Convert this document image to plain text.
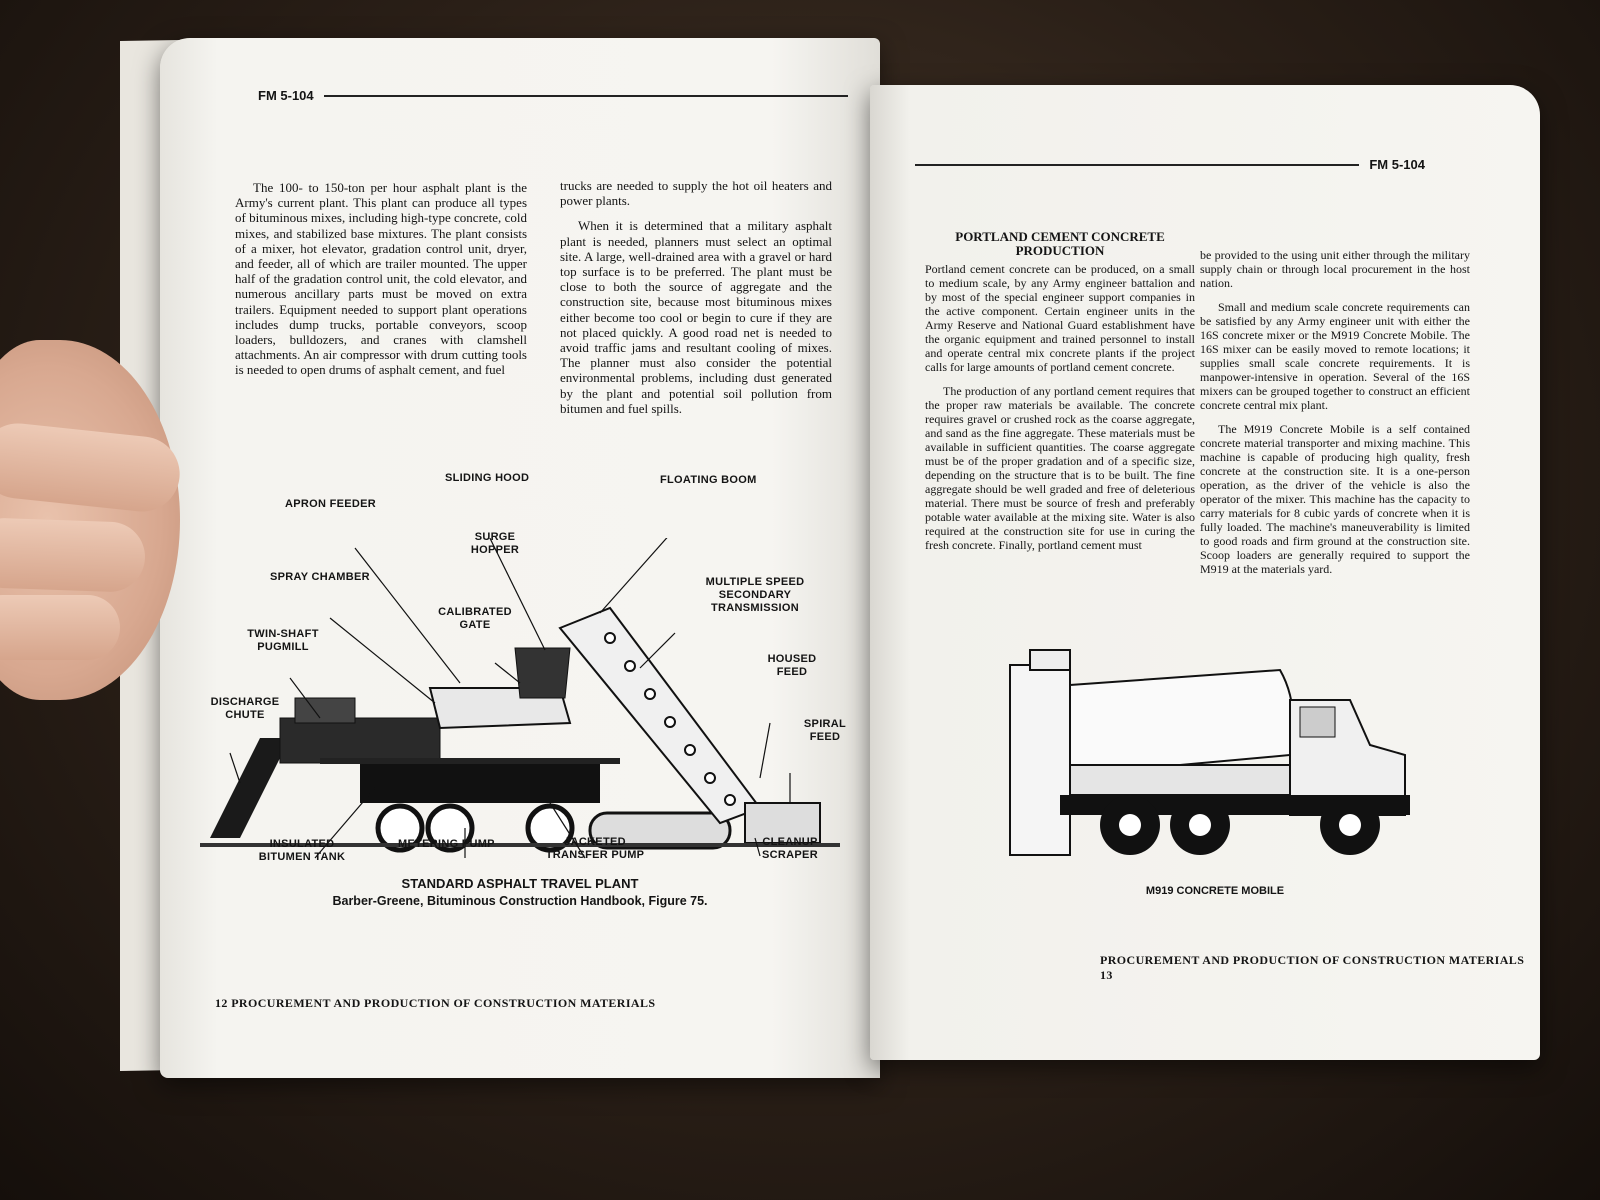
FM 5-104

The 100- to 150-ton per hour asphalt plant is the Army's current plant. This plant can produce all types of bituminous mixes, including high-type concrete, cold mixes, and stabilized base mixtures. The plant consists of a mixer, hot elevator, gradation control unit, dryer, and feeder, all of which are trailer mounted. The upper half of the gradation control unit, the cold elevator, and numerous ancillary parts must be moved on extra trailers. Equipment needed to support plant operations includes dump trucks, portable conveyors, scoop loaders, bulldozers, and cranes with clamshell attachments. An air compressor with drum cutting tools is needed to open drums of asphalt cement, and fuel

trucks are needed to supply the hot oil heaters and power plants.

When it is determined that a military asphalt plant is needed, planners must select an optimal site. A large, well-drained area with a gravel or hard top surface is to be preferred. The plant must be close to both the source of aggregate and the construction site, because most bituminous mixes either become too cool or begin to cure if they are not placed quickly. A good road net is needed to avoid traffic jams and resultant cooling of mixes. The planner must also consider the potential environmental problems, including dust generated by the plant and potential soil pollution from bitumen and fuel spills.

SLIDING HOOD	FLOATING BOOM
APRON FEEDER
SURGE HOPPER
SPRAY CHAMBER	MULTIPLE SPEED SECONDARY TRANSMISSION
CALIBRATED GATE
TWIN-SHAFT PUGMILL
HOUSED FEED
DISCHARGE CHUTE
SPIRAL FEED
INSULATED BITUMEN TANK
METERING PUMP	JACKETED TRANSFER PUMP
CLEANUP SCRAPER
STANDARD ASPHALT TRAVEL PLANT
Barber-Greene, Bituminous Construction Handbook, Figure 75.
12 PROCUREMENT AND PRODUCTION OF CONSTRUCTION MATERIALS
FM 5-104
PORTLAND CEMENT CONCRETE PRODUCTION

Portland cement concrete can be produced, on a small to medium scale, by any Army engineer battalion and by most of the special engineer support companies in the active component. Certain engineer units in the Army Reserve and National Guard establishment have the organic equipment and trained personnel to install and operate central mix concrete plants if the project calls for large amounts of portland cement concrete.

The production of any portland cement requires that the proper raw materials be available. The concrete requires gravel or crushed rock as the coarse aggregate, and sand as the fine aggregate. These materials must be available in sufficient quantities. The coarse aggregate must be of the proper gradation and of a specific size, depending on the structure that is to be built. The fine aggregate should be well graded and free of deleterious material. There must be source of fresh and preferably potable water available at the mixing site. Water is also required at the construction site for use in curing the fresh concrete. Finally, portland cement must

be provided to the using unit either through the military supply chain or through local procurement in the host nation.

Small and medium scale concrete requirements can be satisfied by any Army engineer unit with either the 16S concrete mixer or the M919 Concrete Mobile. The 16S mixer can be easily moved to remote locations; it supplies small scale concrete requirements. It is manpower-intensive in operation. Several of the 16S mixers can be grouped together to construct an efficient concrete central mix plant.

The M919 Concrete Mobile is a self contained concrete material transporter and mixing machine. This machine is capable of producing high quality, fresh concrete at the construction site. It is a one-person operation, as the driver of the vehicle is also the operator of the mixer. This machine has the capacity to carry materials for 8 cubic yards of concrete when it is fully loaded. The machine's maneuverability is limited to good roads and firm ground at the construction site. Scoop loaders are generally required to support the M919 at the materials yard.

M919 CONCRETE MOBILE
PROCUREMENT AND PRODUCTION OF CONSTRUCTION MATERIALS 13
